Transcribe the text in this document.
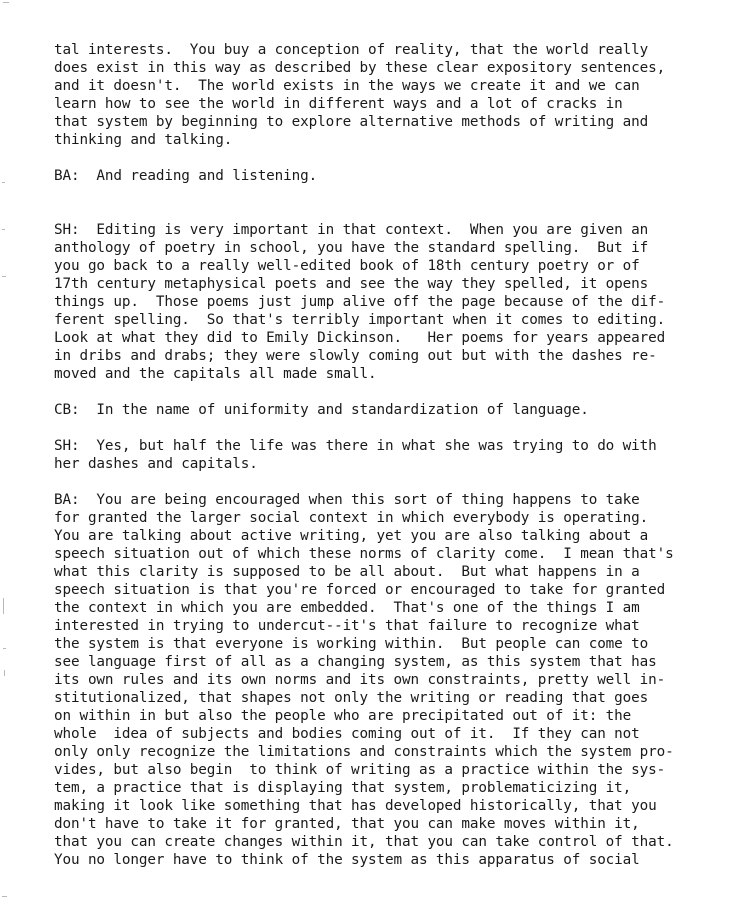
tal interests.  You buy a conception of reality, that the world really
does exist in this way as described by these clear expository sentences,
and it doesn't.  The world exists in the ways we create it and we can
learn how to see the world in different ways and a lot of cracks in
that system by beginning to explore alternative methods of writing and
thinking and talking.
BA:  And reading and listening.
SH:  Editing is very important in that context.  When you are given an
anthology of poetry in school, you have the standard spelling.  But if
you go back to a really well-edited book of 18th century poetry or of
17th century metaphysical poets and see the way they spelled, it opens
things up.  Those poems just jump alive off the page because of the dif-
ferent spelling.  So that's terribly important when it comes to editing.
Look at what they did to Emily Dickinson.   Her poems for years appeared
in dribs and drabs; they were slowly coming out but with the dashes re-
moved and the capitals all made small.
CB:  In the name of uniformity and standardization of language.
SH:  Yes, but half the life was there in what she was trying to do with
her dashes and capitals.
BA:  You are being encouraged when this sort of thing happens to take
for granted the larger social context in which everybody is operating.
You are talking about active writing, yet you are also talking about a
speech situation out of which these norms of clarity come.  I mean that's
what this clarity is supposed to be all about.  But what happens in a
speech situation is that you're forced or encouraged to take for granted
the context in which you are embedded.  That's one of the things I am
interested in trying to undercut--it's that failure to recognize what
the system is that everyone is working within.  But people can come to
see language first of all as a changing system, as this system that has
its own rules and its own norms and its own constraints, pretty well in-
stitutionalized, that shapes not only the writing or reading that goes
on within in but also the people who are precipitated out of it: the
whole  idea of subjects and bodies coming out of it.  If they can not
only only recognize the limitations and constraints which the system pro-
vides, but also begin  to think of writing as a practice within the sys-
tem, a practice that is displaying that system, problematicizing it,
making it look like something that has developed historically, that you
don't have to take it for granted, that you can make moves within it,
that you can create changes within it, that you can take control of that.
You no longer have to think of the system as this apparatus of social
